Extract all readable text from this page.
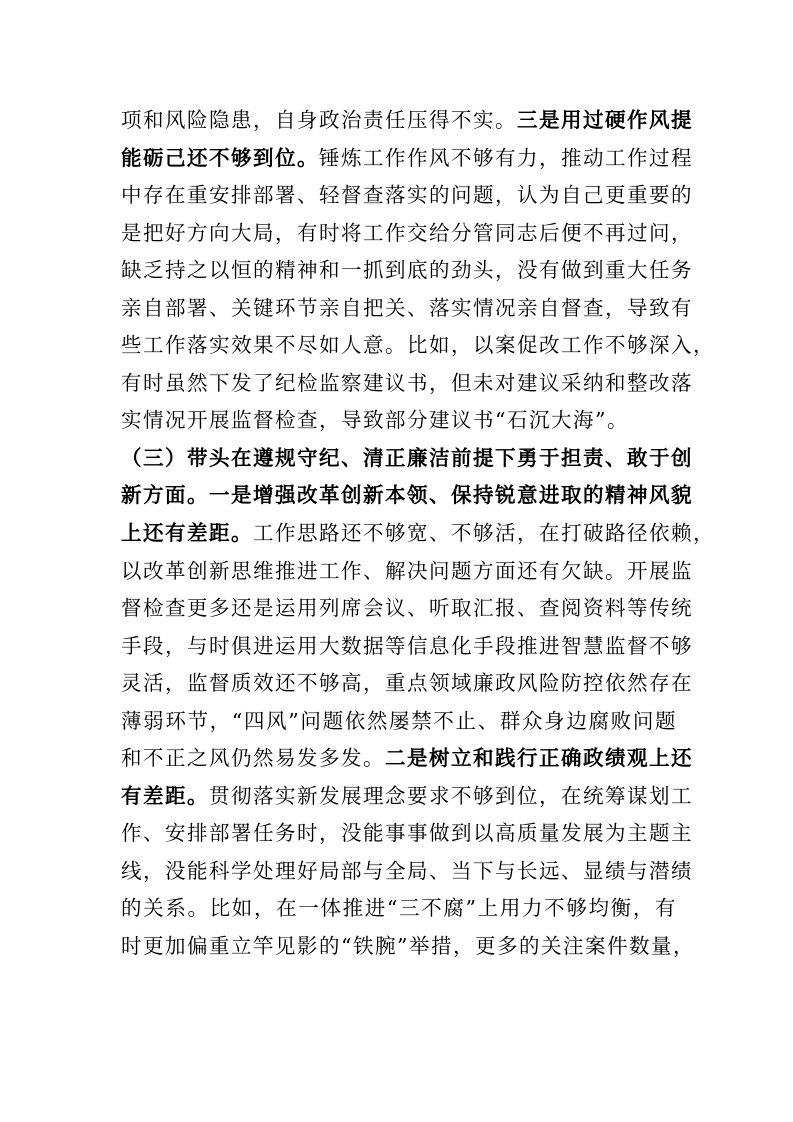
项和风险隐患，自身政治责任压得不实。三是用过硬作风提
能砺己还不够到位。锤炼工作作风不够有力，推动工作过程
中存在重安排部署、轻督查落实的问题，认为自己更重要的
是把好方向大局，有时将工作交给分管同志后便不再过问，
缺乏持之以恒的精神和一抓到底的劲头，没有做到重大任务
亲自部署、关键环节亲自把关、落实情况亲自督查，导致有
些工作落实效果不尽如人意。比如，以案促改工作不够深入，
有时虽然下发了纪检监察建议书，但未对建议采纳和整改落
实情况开展监督检查，导致部分建议书“石沉大海”。
（三）带头在遵规守纪、清正廉洁前提下勇于担责、敢于创
新方面。一是增强改革创新本领、保持锐意进取的精神风貌
上还有差距。工作思路还不够宽、不够活，在打破路径依赖，
以改革创新思维推进工作、解决问题方面还有欠缺。开展监
督检查更多还是运用列席会议、听取汇报、查阅资料等传统
手段，与时俱进运用大数据等信息化手段推进智慧监督不够
灵活，监督质效还不够高，重点领域廉政风险防控依然存在
薄弱环节，“四风”问题依然屡禁不止、群众身边腐败问题
和不正之风仍然易发多发。二是树立和践行正确政绩观上还
有差距。贯彻落实新发展理念要求不够到位，在统筹谋划工
作、安排部署任务时，没能事事做到以高质量发展为主题主
线，没能科学处理好局部与全局、当下与长远、显绩与潜绩
的关系。比如，在一体推进“三不腐”上用力不够均衡，有
时更加偏重立竿见影的“铁腕”举措，更多的关注案件数量，
